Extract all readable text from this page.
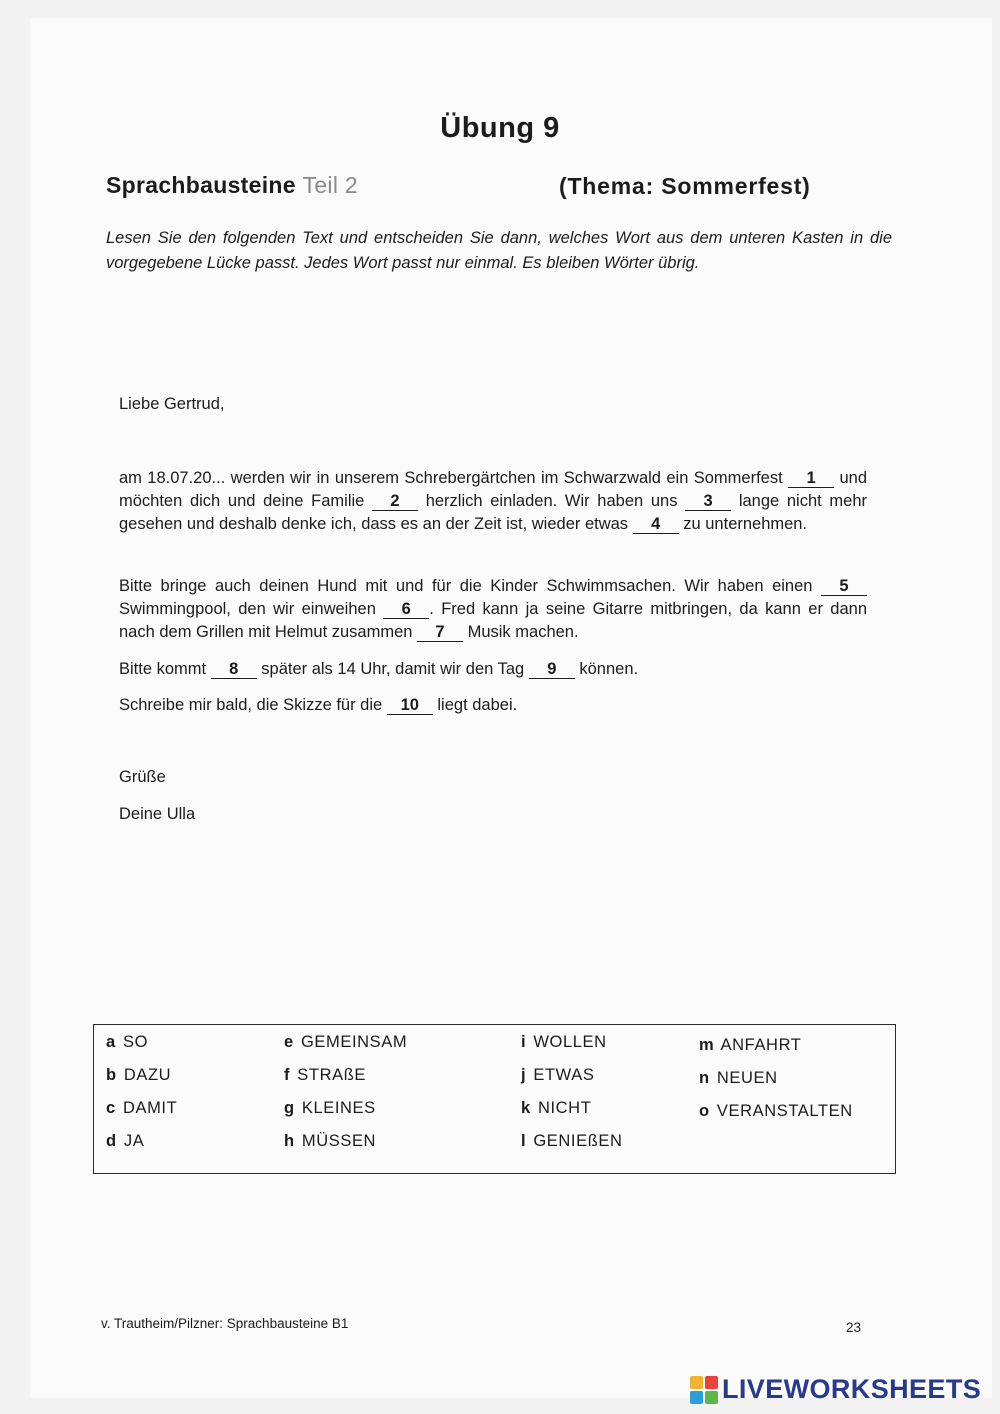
Übung 9
Sprachbausteine Teil 2	(Thema: Sommerfest)
Lesen Sie den folgenden Text und entscheiden Sie dann, welches Wort aus dem unteren Kasten in die vorgegebene Lücke passt. Jedes Wort passt nur einmal. Es bleiben Wörter übrig.
Liebe Gertrud,
am 18.07.20... werden wir in unserem Schrebergärtchen im Schwarzwald ein Sommerfest 1 und möchten dich und deine Familie 2 herzlich einladen. Wir haben uns 3 lange nicht mehr gesehen und deshalb denke ich, dass es an der Zeit ist, wieder etwas 4 zu unternehmen.
Bitte bringe auch deinen Hund mit und für die Kinder Schwimmsachen. Wir haben einen 5 Swimmingpool, den wir einweihen 6 . Fred kann ja seine Gitarre mitbringen, da kann er dann nach dem Grillen mit Helmut zusammen 7 Musik machen.
Bitte kommt 8 später als 14 Uhr, damit wir den Tag 9 können.
Schreibe mir bald, die Skizze für die 10 liegt dabei.
Grüße
Deine Ulla
a SO
b DAZU
c DAMIT
d JA
e GEMEINSAM
f STRAßE
g KLEINES
h MÜSSEN
i WOLLEN
j ETWAS
k NICHT
l GENIEßEN
m ANFAHRT
n NEUEN
o VERANSTALTEN
v. Trautheim/Pilzner: Sprachbausteine B1	23
LIVEWORKSHEETS
